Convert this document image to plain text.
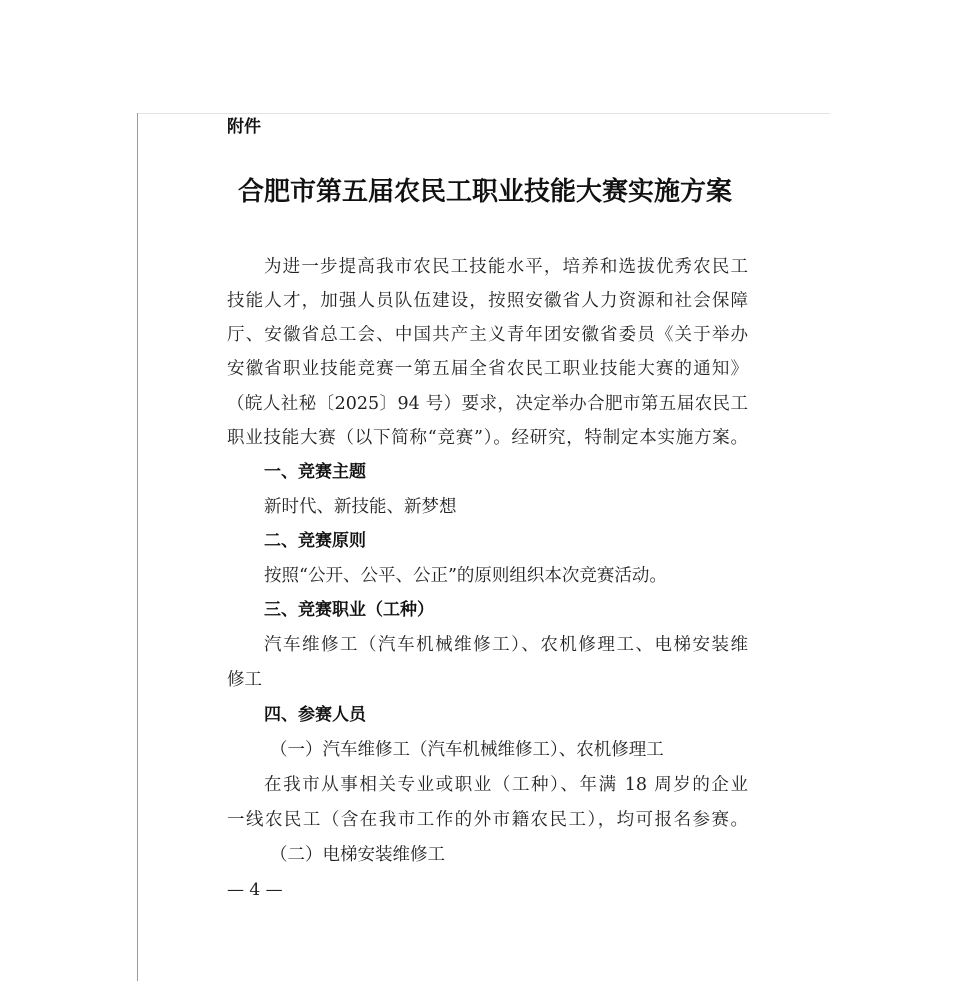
附件
合肥市第五届农民工职业技能大赛实施方案
为进一步提高我市农民工技能水平，培养和选拔优秀农民工
技能人才，加强人员队伍建设，按照安徽省人力资源和社会保障
厅、安徽省总工会、中国共产主义青年团安徽省委员《关于举办
安徽省职业技能竞赛一第五届全省农民工职业技能大赛的通知》
（皖人社秘〔2025〕94 号）要求，决定举办合肥市第五届农民工
职业技能大赛（以下简称“竞赛”）。经研究，特制定本实施方案。
一、竞赛主题
新时代、新技能、新梦想
二、竞赛原则
按照“公开、公平、公正”的原则组织本次竞赛活动。
三、竞赛职业（工种）
汽车维修工（汽车机械维修工）、农机修理工、电梯安装维
修工
四、参赛人员
（一）汽车维修工（汽车机械维修工）、农机修理工
在我市从事相关专业或职业（工种）、年满 18 周岁的企业
一线农民工（含在我市工作的外市籍农民工），均可报名参赛。
（二）电梯安装维修工
— 4 —
